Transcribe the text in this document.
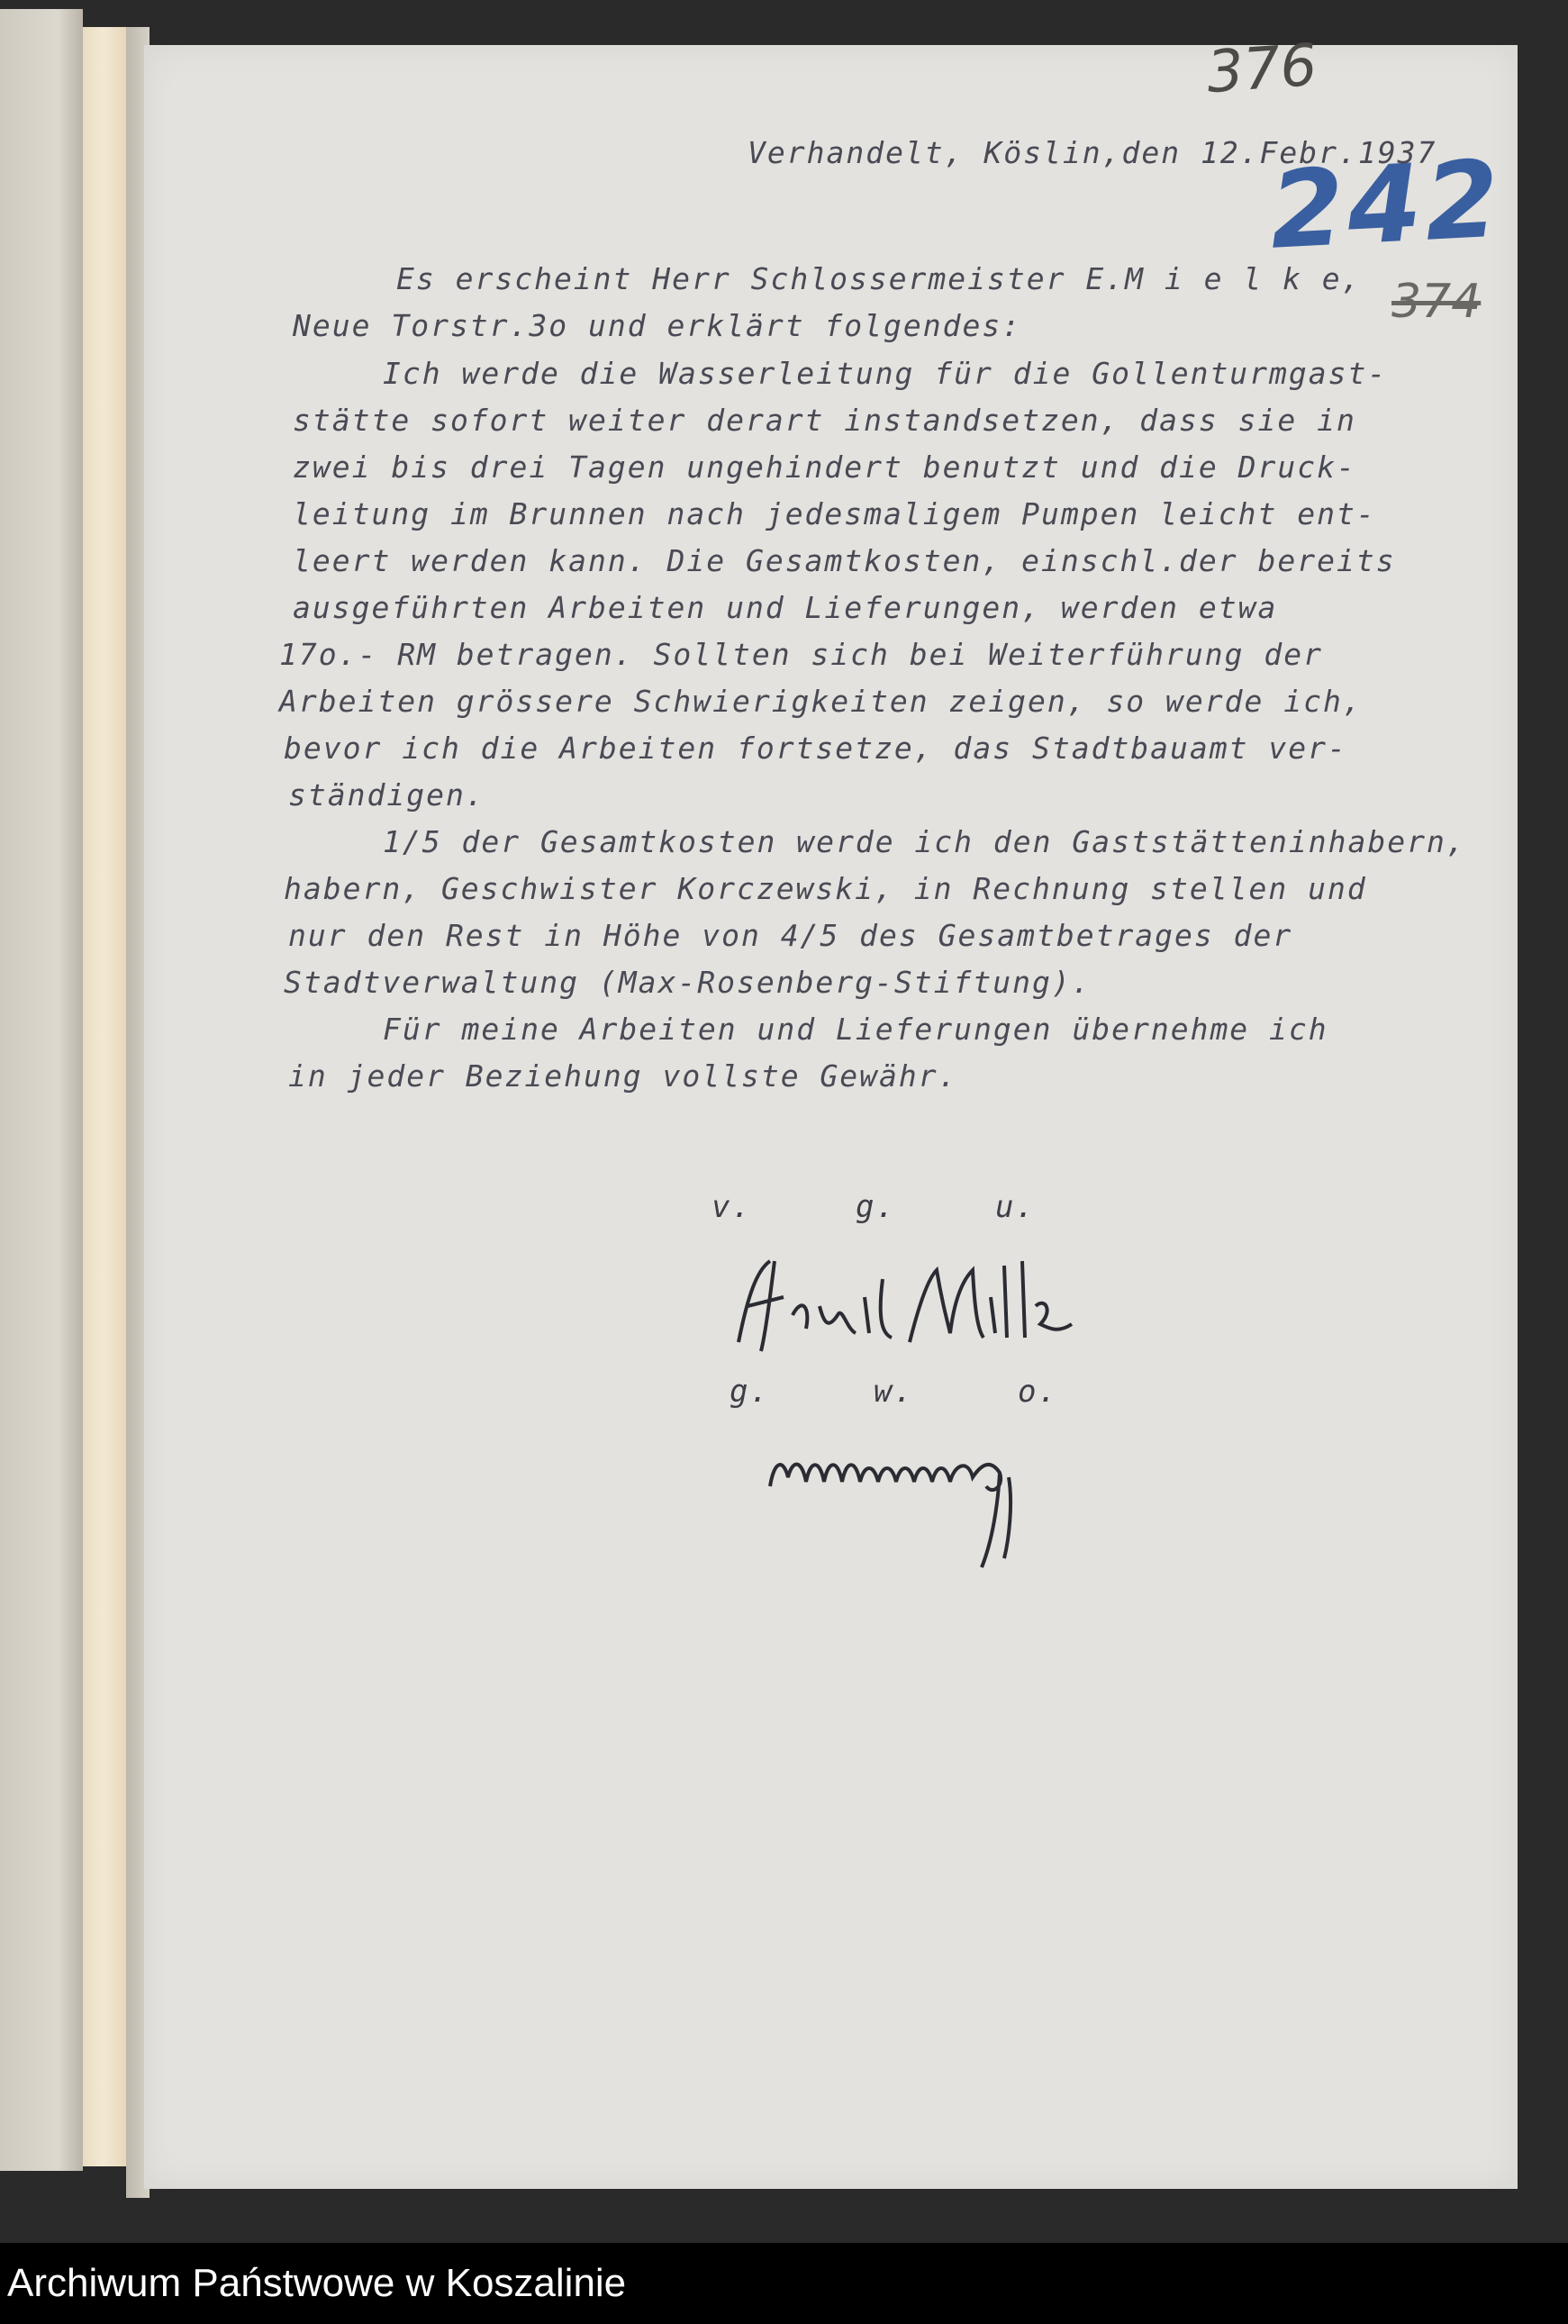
376
242
374
Verhandelt, Köslin,den 12.Febr.1937
Es erscheint Herr Schlossermeister E.M i e l k e,
Neue Torstr.3o und erklärt folgendes:
Ich werde die Wasserleitung für die Gollenturmgast-
stätte sofort weiter derart instandsetzen, dass sie in
zwei bis drei Tagen ungehindert benutzt und die Druck-
leitung im Brunnen nach jedesmaligem Pumpen leicht ent-
leert werden kann. Die Gesamtkosten, einschl.der bereits
ausgeführten Arbeiten und Lieferungen, werden etwa
17o.- RM betragen. Sollten sich bei Weiterführung der
Arbeiten grössere Schwierigkeiten zeigen, so werde ich,
bevor ich die Arbeiten fortsetze, das Stadtbauamt ver-
ständigen.
1/5 der Gesamtkosten werde ich den Gaststätteninhabern,
habern, Geschwister Korczewski, in Rechnung stellen und
nur den Rest in Höhe von 4/5 des Gesamtbetrages der
Stadtverwaltung (Max-Rosenberg-Stiftung).
Für meine Arbeiten und Lieferungen übernehme ich
in jeder Beziehung vollste Gewähr.
v.	g.	u.
g.	w.	o.
Archiwum Państwowe w Koszalinie
